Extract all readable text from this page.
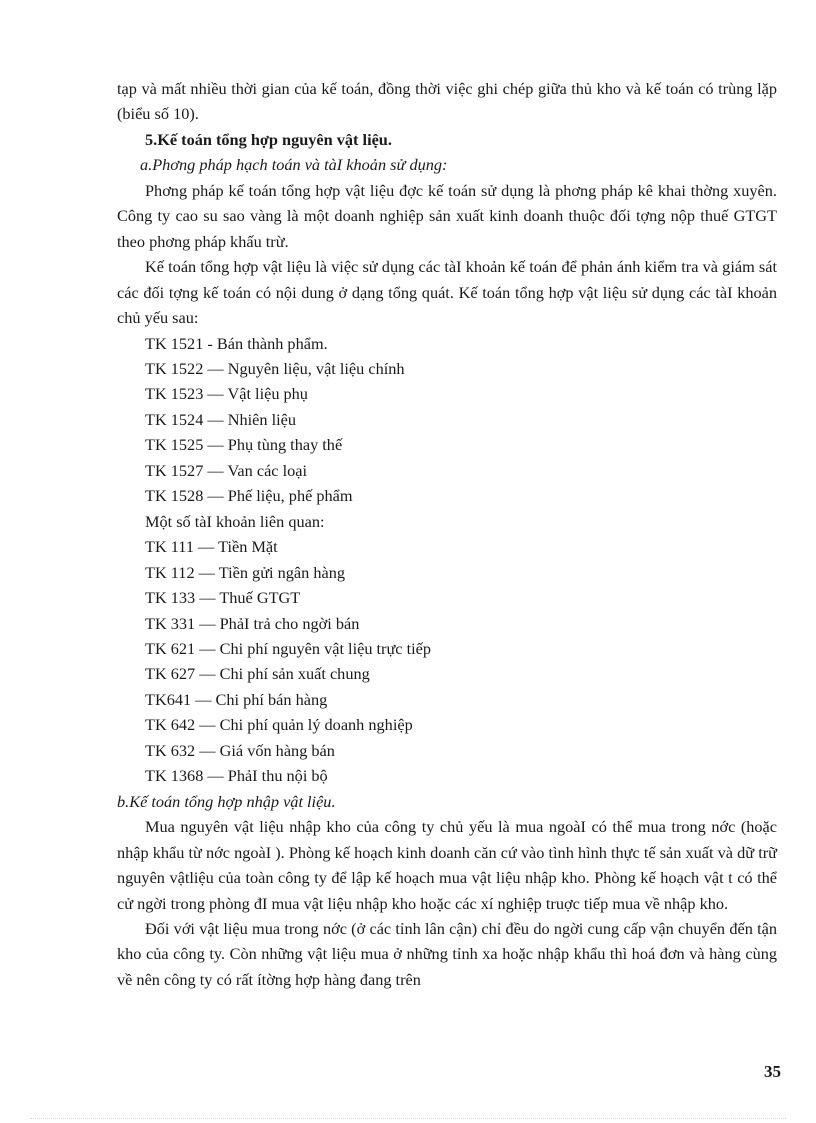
tạp và mất nhiều thời gian của kế toán, đồng thời việc ghi chép giữa thủ kho và kế toán có trùng lặp (biểu số 10).

5.Kế toán tổng hợp nguyên vật liệu.

a.Phơng pháp hạch toán và tàI khoản sử dụng:

Phơng pháp kế toán tổng hợp vật liệu đợc kế toán sử dụng là phơng pháp kê khai thờng xuyên. Công ty cao su sao vàng là một doanh nghiệp sản xuất kinh doanh thuộc đối tợng nộp thuế GTGT theo phơng pháp khấu trừ.

Kế toán tổng hợp vật liệu là việc sử dụng các tàI khoản kế toán để phản ánh kiểm tra và giám sát các đối tợng kế toán có nội dung ở dạng tổng quát. Kế toán tổng hợp vật liệu sử dụng các tàI khoản chủ yếu sau:

TK 1521 - Bán thành phẩm.

TK 1522 — Nguyên liệu, vật liệu chính

TK 1523 — Vật liệu phụ

TK 1524 — Nhiên liệu

TK 1525 — Phụ tùng thay thế

TK 1527 — Van các loại

TK 1528 — Phế liệu, phế phẩm

Một số tàI khoản liên quan:

TK 111 — Tiền Mặt

TK 112 — Tiền gửi ngân hàng

TK 133 — Thuế GTGT

TK 331 — PhảI trả cho ngời bán

TK 621 — Chi phí nguyên vật liệu trực tiếp

TK 627 — Chi phí sản xuất chung

TK641 — Chi phí bán hàng

TK 642 — Chi phí quản lý doanh nghiệp

TK 632 — Giá vốn hàng bán

TK 1368 — PhảI thu nội bộ

b.Kế toán tổng hợp nhập vật liệu.

Mua nguyên vật liệu nhập kho của công ty chủ yếu là mua ngoàI có thể mua trong nớc (hoặc nhập khẩu từ nớc ngoàI ). Phòng kế hoạch kinh doanh căn cứ vào tình hình thực tế sản xuất và dữ trữ nguyên vậtliệu của toàn công ty để lập kế hoạch mua vật liệu nhập kho. Phòng kế hoạch vật t có thể cử ngời trong phòng đI mua vật liệu nhập kho hoặc các xí nghiệp truợc tiếp mua về nhập kho.

Đối với vật liệu mua trong nớc (ở các tỉnh lân cận) chỉ đều do ngời cung cấp vận chuyển đến tận kho của công ty. Còn những vật liệu mua ở những tỉnh xa hoặc nhập khẩu thì hoá đơn và hàng cùng về nên công ty có rất ítờng hợp hàng đang trên

35
